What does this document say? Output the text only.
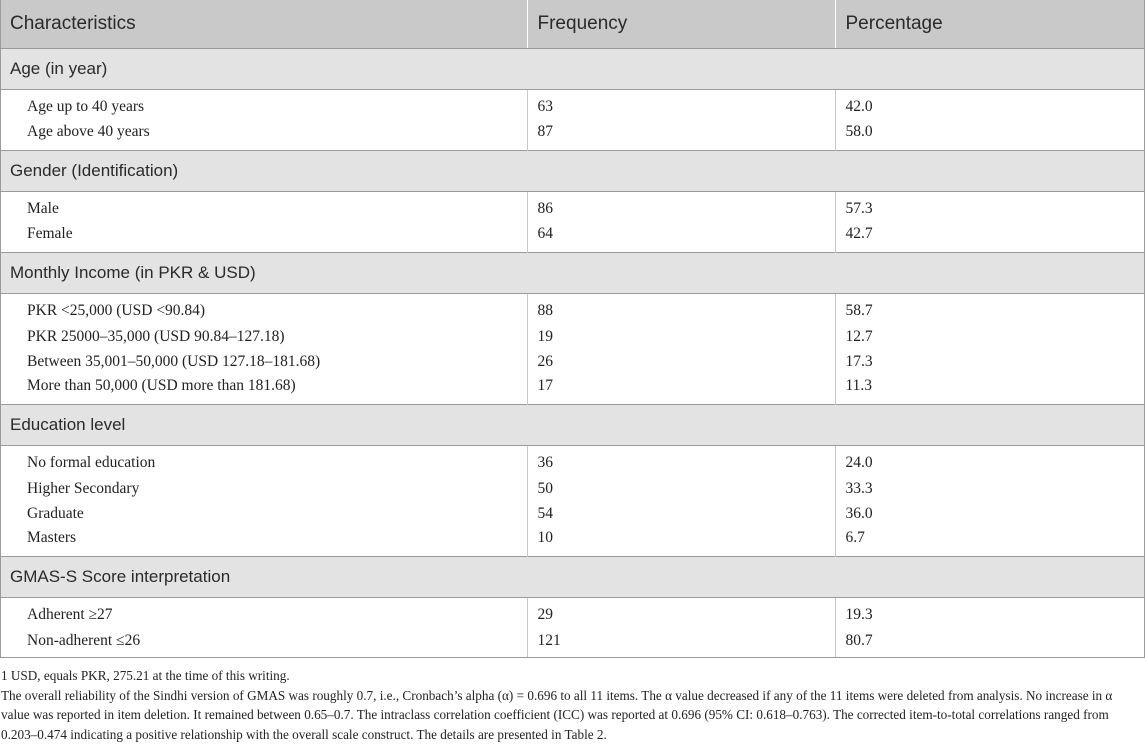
Characteristics	Frequency	Percentage
Age (in year)		
Age up to 40 years	63	42.0
Age above 40 years	87	58.0
Gender (Identification)		
Male	86	57.3
Female	64	42.7
Monthly Income (in PKR & USD)		
PKR <25,000 (USD <90.84)	88	58.7
PKR 25000–35,000 (USD 90.84–127.18)	19	12.7
Between 35,001–50,000 (USD 127.18–181.68)	26	17.3
More than 50,000 (USD more than 181.68)	17	11.3
Education level		
No formal education	36	24.0
Higher Secondary	50	33.3
Graduate	54	36.0
Masters	10	6.7
GMAS-S Score interpretation		
Adherent ≥27	29	19.3
Non-adherent ≤26	121	80.7

1 USD, equals PKR, 275.21 at the time of this writing.

The overall reliability of the Sindhi version of GMAS was roughly 0.7, i.e., Cronbach’s alpha (α) = 0.696 to all 11 items. The α value decreased if any of the 11 items were deleted from analysis. No increase in α value was reported in item deletion. It remained between 0.65–0.7. The intraclass correlation coefficient (ICC) was reported at 0.696 (95% CI: 0.618–0.763). The corrected item-to-total correlations ranged from 0.203–0.474 indicating a positive relationship with the overall scale construct. The details are presented in Table 2.
